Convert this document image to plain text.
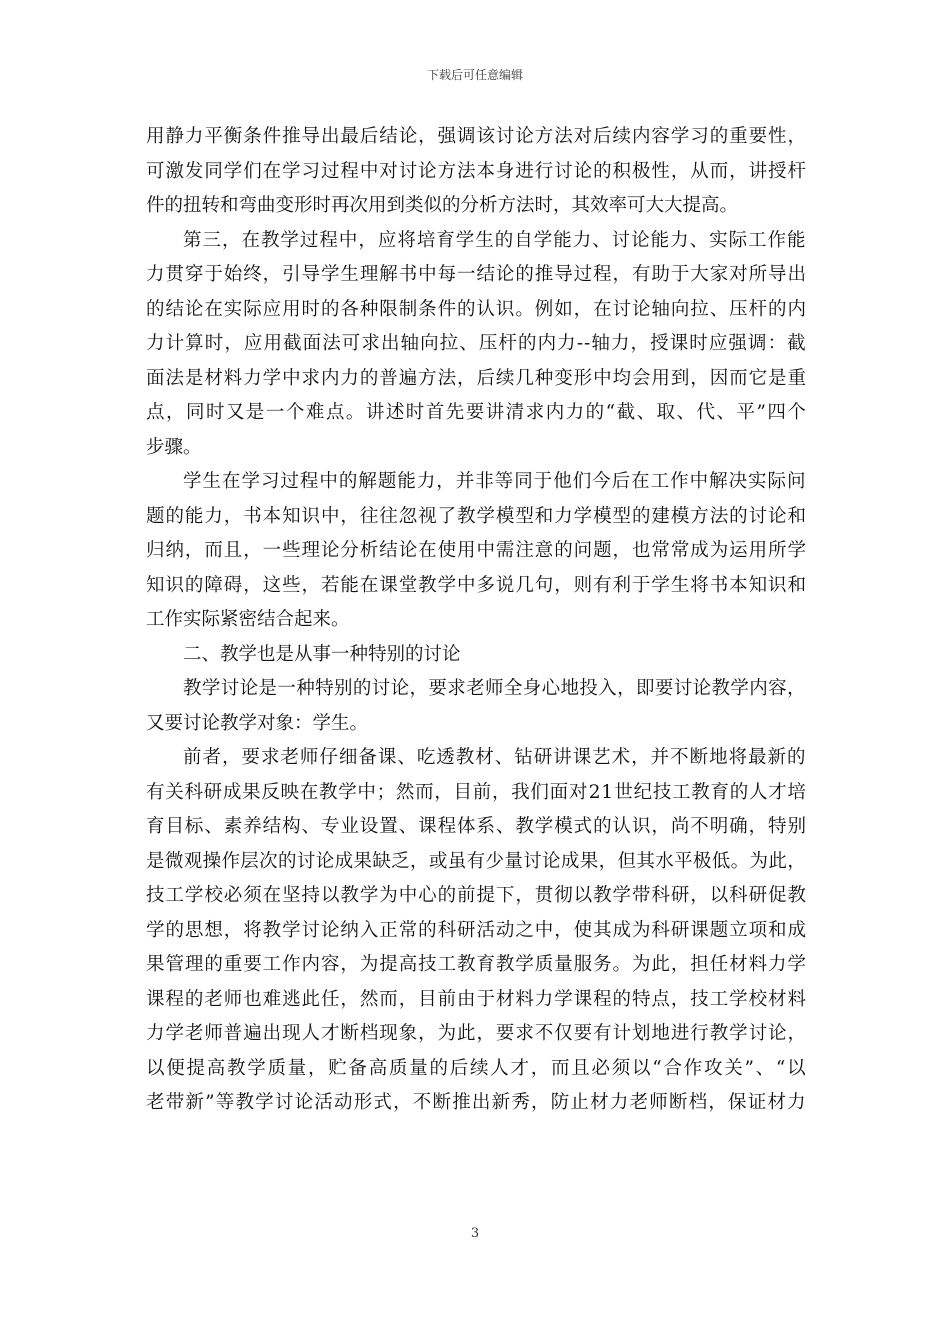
下载后可任意编辑
用 静 力 平 衡 条 件 推 导 出 最 后 结 论 ， 强 调 该 讨 论 方 法 对 后 续 内 容 学 习 的 重 要 性 ，
可 激 发 同 学 们 在 学 习 过 程 中 对 讨 论 方 法 本 身 进 行 讨 论 的 积 极 性 ， 从 而 ， 讲 授 杆
件的扭转和弯曲变形时再次用到类似的分析方法时，其效率可大大提高。
第 三 ， 在 教 学 过 程 中 ， 应 将 培 育 学 生 的 自 学 能 力 、 讨 论 能 力 、 实 际 工 作 能
力 贯 穿 于 始 终 ， 引 导 学 生 理 解 书 中 每 一 结 论 的 推 导 过 程 ， 有 助 于 大 家 对 所 导 出
的 结 论 在 实 际 应 用 时 的 各 种 限 制 条 件 的 认 识 。 例 如 ， 在 讨 论 轴 向 拉 、 压 杆 的 内
力 计 算 时 ， 应 用 截 面 法 可 求 出 轴 向 拉 、 压 杆 的 内 力 - - 轴 力 ， 授 课 时 应 强 调 ： 截
面 法 是 材 料 力 学 中 求 内 力 的 普 遍 方 法 ， 后 续 几 种 变 形 中 均 会 用 到 ， 因 而 它 是 重
点 ， 同 时 又 是 一 个 难 点 。 讲 述 时 首 先 要 讲 清 求 内 力 的 “ 截 、 取 、 代 、 平 ” 四 个
步骤。
学 生 在 学 习 过 程 中 的 解 题 能 力 ， 并 非 等 同 于 他 们 今 后 在 工 作 中 解 决 实 际 问
题 的 能 力 ， 书 本 知 识 中 ， 往 往 忽 视 了 教 学 模 型 和 力 学 模 型 的 建 模 方 法 的 讨 论 和
归 纳 ， 而 且 ， 一 些 理 论 分 析 结 论 在 使 用 中 需 注 意 的 问 题 ， 也 常 常 成 为 运 用 所 学
知 识 的 障 碍 ， 这 些 ， 若 能 在 课 堂 教 学 中 多 说 几 句 ， 则 有 利 于 学 生 将 书 本 知 识 和
工作实际紧密结合起来。
二、教学也是从事一种特别的讨论
教 学 讨 论 是 一 种 特 别 的 讨 论 ， 要 求 老 师 全 身 心 地 投 入 ， 即 要 讨 论 教 学 内 容 ，
又要讨论教学对象：学生。
前 者 ， 要 求 老 师 仔 细 备 课 、 吃 透 教 材 、 钻 研 讲 课 艺 术 ， 并 不 断 地 将 最 新 的
有 关 科 研 成 果 反 映 在 教 学 中 ； 然 而 ， 目 前 ， 我 们 面 对 2 1 世 纪 技 工 教 育 的 人 才 培
育 目 标 、 素 养 结 构 、 专 业 设 置 、 课 程 体 系 、 教 学 模 式 的 认 识 ， 尚 不 明 确 ， 特 别
是 微 观 操 作 层 次 的 讨 论 成 果 缺 乏 ， 或 虽 有 少 量 讨 论 成 果 ， 但 其 水 平 极 低 。 为 此 ，
技 工 学 校 必 须 在 坚 持 以 教 学 为 中 心 的 前 提 下 ， 贯 彻 以 教 学 带 科 研 ， 以 科 研 促 教
学 的 思 想 ， 将 教 学 讨 论 纳 入 正 常 的 科 研 活 动 之 中 ， 使 其 成 为 科 研 课 题 立 项 和 成
果 管 理 的 重 要 工 作 内 容 ， 为 提 高 技 工 教 育 教 学 质 量 服 务 。 为 此 ， 担 任 材 料 力 学
课 程 的 老 师 也 难 逃 此 任 ， 然 而 ， 目 前 由 于 材 料 力 学 课 程 的 特 点 ， 技 工 学 校 材 料
力 学 老 师 普 遍 出 现 人 才 断 档 现 象 ， 为 此 ， 要 求 不 仅 要 有 计 划 地 进 行 教 学 讨 论 ，
以 便 提 高 教 学 质 量 ， 贮 备 高 质 量 的 后 续 人 才 ， 而 且 必 须 以 “ 合 作 攻 关 ” 、 “ 以
老 带 新 ” 等 教 学 讨 论 活 动 形 式 ， 不 断 推 出 新 秀 ， 防 止 材 力 老 师 断 档 ， 保 证 材 力
3
